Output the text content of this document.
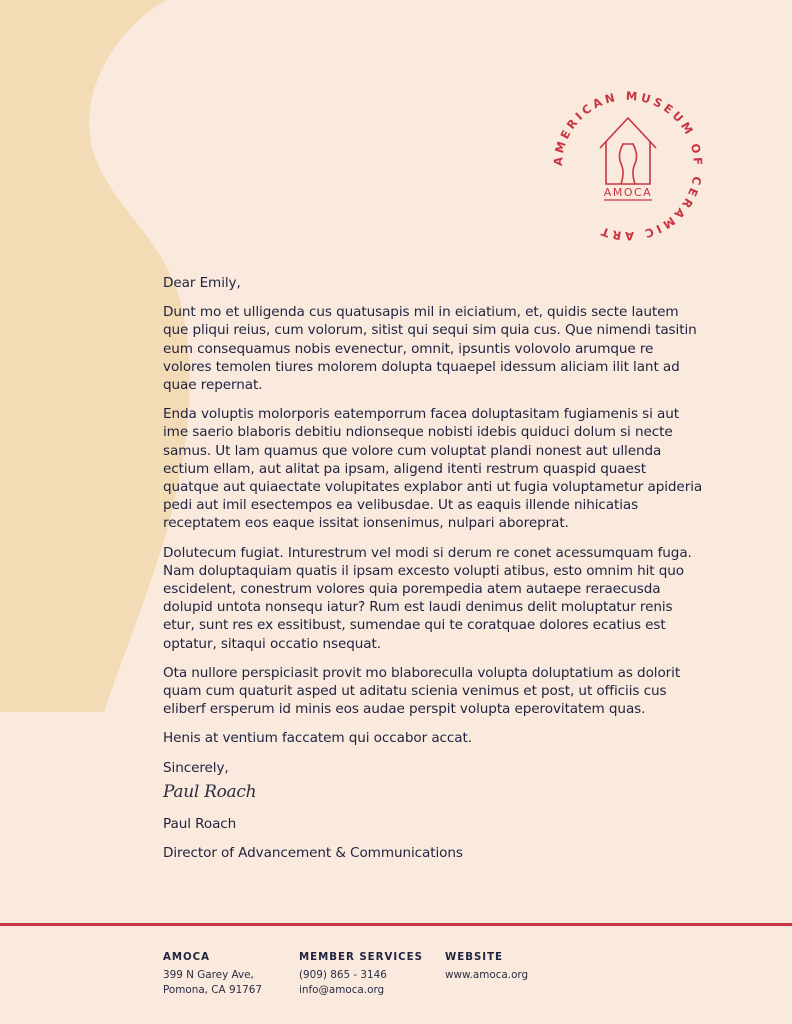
AMERICAN MUSEUM OF CERAMIC ART
AMOCA

Dear Emily,

Dunt mo et ulligenda cus quatusapis mil in eiciatium, et, quidis secte lautem que pliqui reius, cum volorum, sitist qui sequi sim quia cus. Que nimendi tasitin eum consequamus nobis evenectur, omnit, ipsuntis volovolo arumque re volores temolen tiures molorem dolupta tquaepel idessum aliciam ilit lant ad quae repernat.

Enda voluptis molorporis eatemporrum facea doluptasitam fugiamenis si aut ime saerio blaboris debitiu ndionseque nobisti idebis quiduci dolum si necte samus. Ut lam quamus que volore cum voluptat plandi nonest aut ullenda ectium ellam, aut alitat pa ipsam, aligend itenti restrum quaspid quaest quatque aut quiaectate volupitates explabor anti ut fugia voluptametur apideria pedi aut imil esectempos ea velibusdae. Ut as eaquis illende nihicatias receptatem eos eaque issitat ionsenimus, nulpari aboreprat.

Dolutecum fugiat. Inturestrum vel modi si derum re conet acessumquam fuga. Nam doluptaquiam quatis il ipsam excesto volupti atibus, esto omnim hit quo escidelent, conestrum volores quia porempedia atem autaepe reraecusda dolupid untota nonsequ iatur? Rum est laudi denimus delit moluptatur renis etur, sunt res ex essitibust, sumendae qui te coratquae dolores ecatius est optatur, sitaqui occatio nsequat.

Ota nullore perspiciasit provit mo blaboreculla volupta doluptatium as dolorit quam cum quaturit asped ut aditatu scienia venimus et post, ut officiis cus eliberf ersperum id minis eos audae perspit volupta eperovitatem quas.

Henis at ventium faccatem qui occabor accat.

Sincerely,

Paul Roach

Paul Roach

Director of Advancement & Communications

AMOCA
399 N Garey Ave,
Pomona, CA 91767
MEMBER SERVICES
(909) 865 - 3146
info@amoca.org
WEBSITE
www.amoca.org
